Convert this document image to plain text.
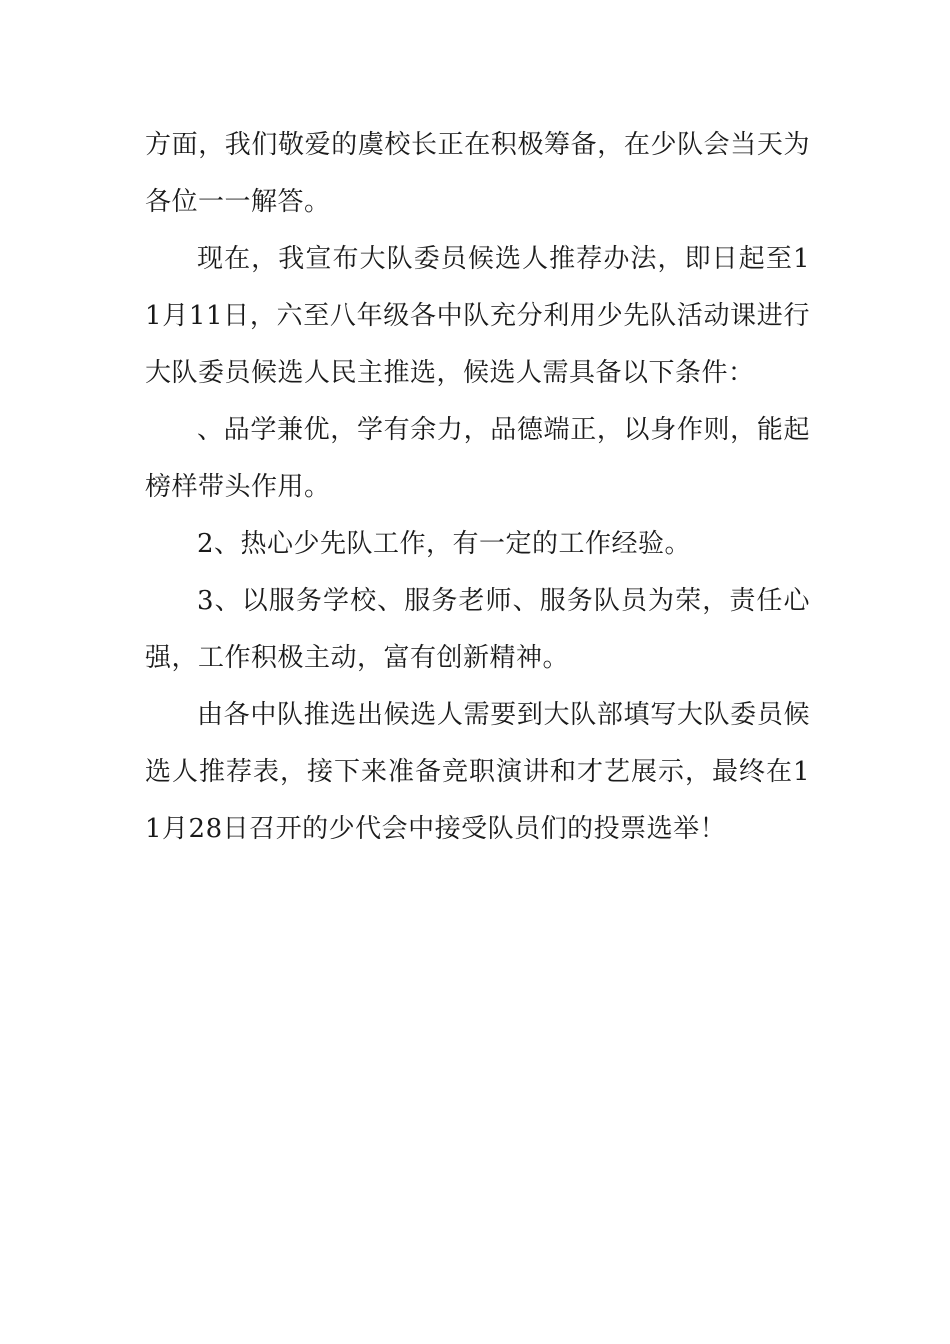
方面，我们敬爱的虞校长正在积极筹备，在少队会当天为各位一一解答。

现在，我宣布大队委员候选人推荐办法，即日起至11月11日，六至八年级各中队充分利用少先队活动课进行大队委员候选人民主推选，候选人需具备以下条件：

、品学兼优，学有余力，品德端正，以身作则，能起榜样带头作用。

2、热心少先队工作，有一定的工作经验。

3、以服务学校、服务老师、服务队员为荣，责任心强，工作积极主动，富有创新精神。

由各中队推选出候选人需要到大队部填写大队委员候选人推荐表，接下来准备竞职演讲和才艺展示，最终在11月28日召开的少代会中接受队员们的投票选举！
